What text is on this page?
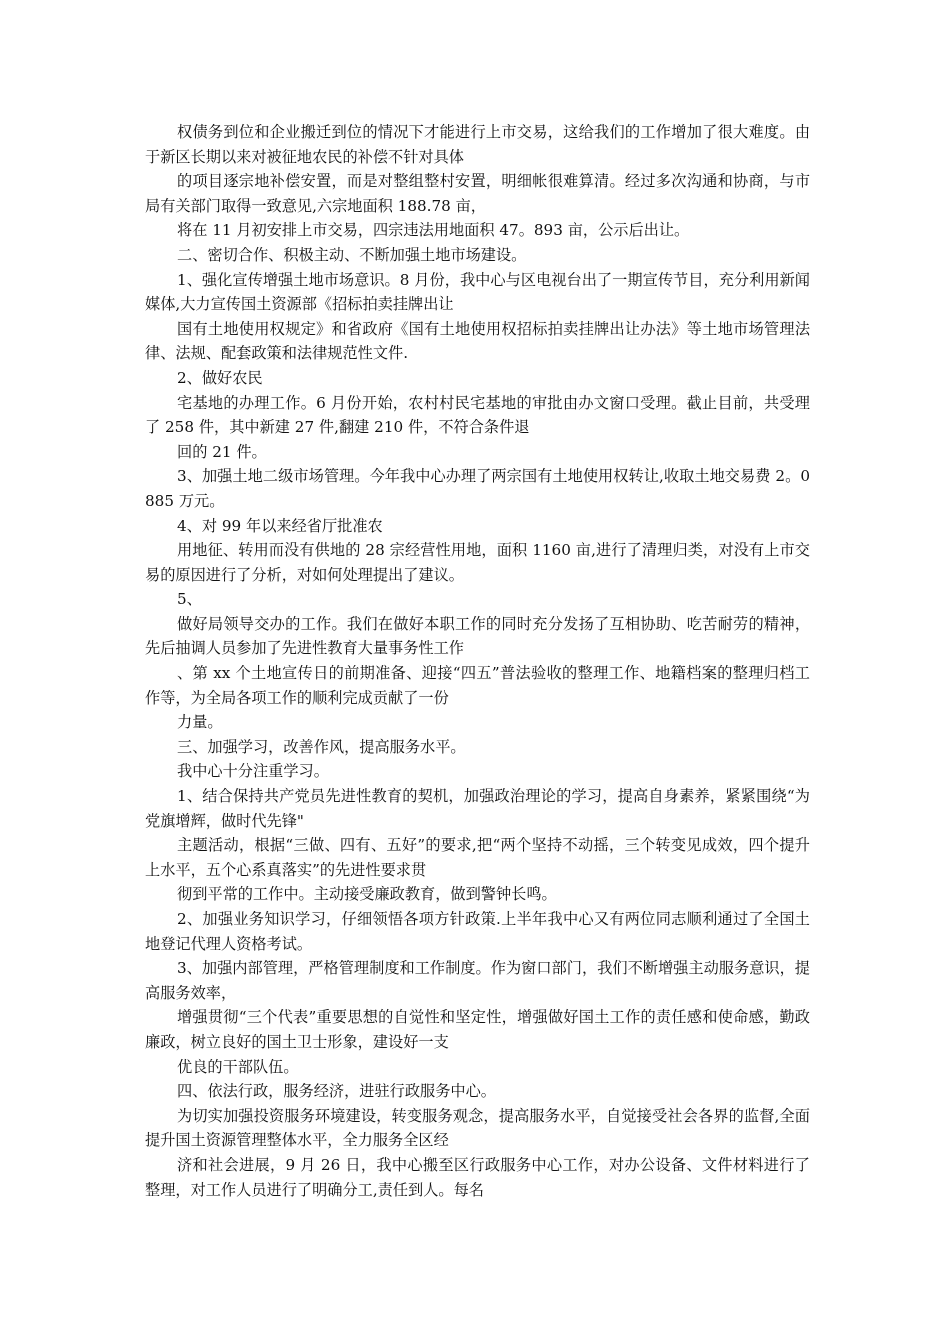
权债务到位和企业搬迁到位的情况下才能进行上市交易，这给我们的工作增加了很大难度。由于新区长期以来对被征地农民的补偿不针对具体

的项目逐宗地补偿安置，而是对整组整村安置，明细帐很难算清。经过多次沟通和协商，与市局有关部门取得一致意见,六宗地面积 188.78 亩，

将在 11 月初安排上市交易，四宗违法用地面积 47。893 亩，公示后出让。

二、密切合作、积极主动、不断加强土地市场建设。

1、强化宣传增强土地市场意识。8 月份，我中心与区电视台出了一期宣传节目，充分利用新闻媒体,大力宣传国土资源部《招标拍卖挂牌出让

国有土地使用权规定》和省政府《国有土地使用权招标拍卖挂牌出让办法》等土地市场管理法律、法规、配套政策和法律规范性文件.

2、做好农民

宅基地的办理工作。6 月份开始，农村村民宅基地的审批由办文窗口受理。截止目前，共受理了 258 件，其中新建 27 件,翻建 210 件，不符合条件退

回的 21 件。

3、加强土地二级市场管理。今年我中心办理了两宗国有土地使用权转让,收取土地交易费 2。0885 万元。

4、对 99 年以来经省厅批准农

用地征、转用而没有供地的 28 宗经营性用地，面积 1160 亩,进行了清理归类，对没有上市交易的原因进行了分析，对如何处理提出了建议。

5、

做好局领导交办的工作。我们在做好本职工作的同时充分发扬了互相协助、吃苦耐劳的精神，先后抽调人员参加了先进性教育大量事务性工作

、第 xx 个土地宣传日的前期准备、迎接“四五”普法验收的整理工作、地籍档案的整理归档工作等，为全局各项工作的顺利完成贡献了一份

力量。

三、加强学习，改善作风，提高服务水平。

我中心十分注重学习。

1、结合保持共产党员先进性教育的契机，加强政治理论的学习，提高自身素养，紧紧围绕“为党旗增辉，做时代先锋"

主题活动，根据“三做、四有、五好”的要求,把“两个坚持不动摇，三个转变见成效，四个提升上水平，五个心系真落实”的先进性要求贯

彻到平常的工作中。主动接受廉政教育，做到警钟长鸣。

2、加强业务知识学习，仔细领悟各项方针政策.上半年我中心又有两位同志顺利通过了全国土地登记代理人资格考试。

3、加强内部管理，严格管理制度和工作制度。作为窗口部门，我们不断增强主动服务意识，提高服务效率，

增强贯彻“三个代表”重要思想的自觉性和坚定性，增强做好国土工作的责任感和使命感，勤政廉政，树立良好的国土卫士形象，建设好一支

优良的干部队伍。

四、依法行政，服务经济，进驻行政服务中心。

为切实加强投资服务环境建设，转变服务观念，提高服务水平，自觉接受社会各界的监督,全面提升国土资源管理整体水平，全力服务全区经

济和社会进展，9 月 26 日，我中心搬至区行政服务中心工作，对办公设备、文件材料进行了整理，对工作人员进行了明确分工,责任到人。每名
